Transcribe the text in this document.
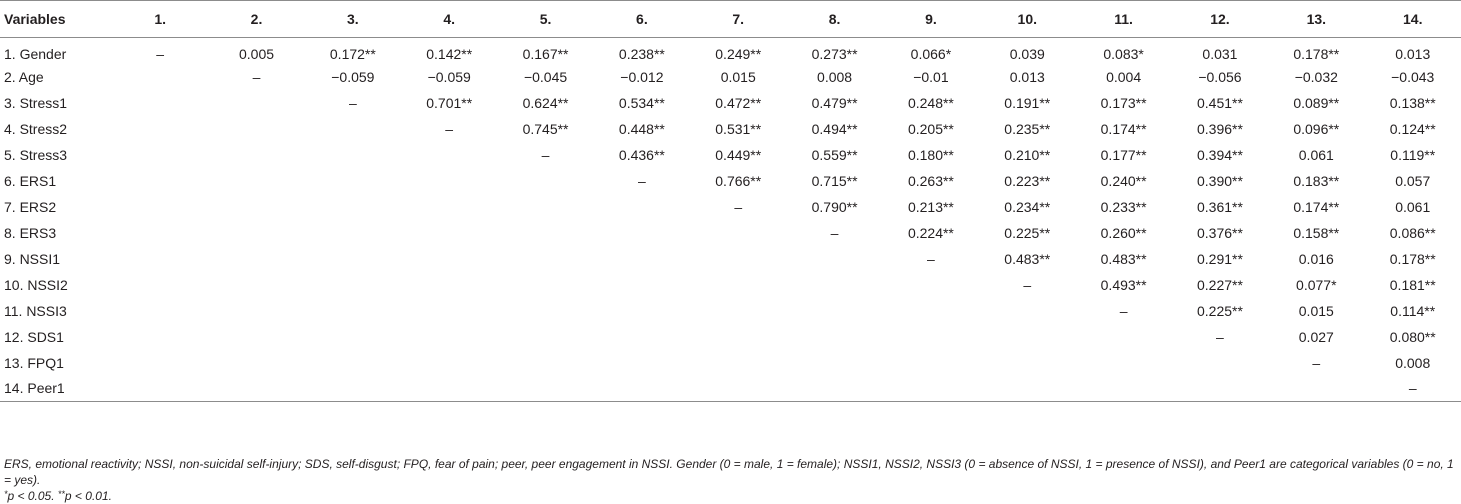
Variables	1.	2.	3.	4.	5.	6.	7.	8.	9.	10.	11.	12.	13.	14.
1. Gender	–	0.005	0.172**	0.142**	0.167**	0.238**	0.249**	0.273**	0.066*	0.039	0.083*	0.031	0.178**	0.013
2. Age		–	−0.059	−0.059	−0.045	−0.012	0.015	0.008	−0.01	0.013	0.004	−0.056	−0.032	−0.043
3. Stress1			–	0.701**	0.624**	0.534**	0.472**	0.479**	0.248**	0.191**	0.173**	0.451**	0.089**	0.138**
4. Stress2				–	0.745**	0.448**	0.531**	0.494**	0.205**	0.235**	0.174**	0.396**	0.096**	0.124**
5. Stress3					–	0.436**	0.449**	0.559**	0.180**	0.210**	0.177**	0.394**	0.061	0.119**
6. ERS1						–	0.766**	0.715**	0.263**	0.223**	0.240**	0.390**	0.183**	0.057
7. ERS2							–	0.790**	0.213**	0.234**	0.233**	0.361**	0.174**	0.061
8. ERS3								–	0.224**	0.225**	0.260**	0.376**	0.158**	0.086**
9. NSSI1									–	0.483**	0.483**	0.291**	0.016	0.178**
10. NSSI2										–	0.493**	0.227**	0.077*	0.181**
11. NSSI3											–	0.225**	0.015	0.114**
12. SDS1												–	0.027	0.080**
13. FPQ1													–	0.008
14. Peer1														–

ERS, emotional reactivity; NSSI, non-suicidal self-injury; SDS, self-disgust; FPQ, fear of pain; peer, peer engagement in NSSI. Gender (0 = male, 1 = female); NSSI1, NSSI2, NSSI3 (0 = absence of NSSI, 1 = presence of NSSI), and Peer1 are categorical variables (0 = no, 1 = yes).

*p < 0.05. **p < 0.01.
